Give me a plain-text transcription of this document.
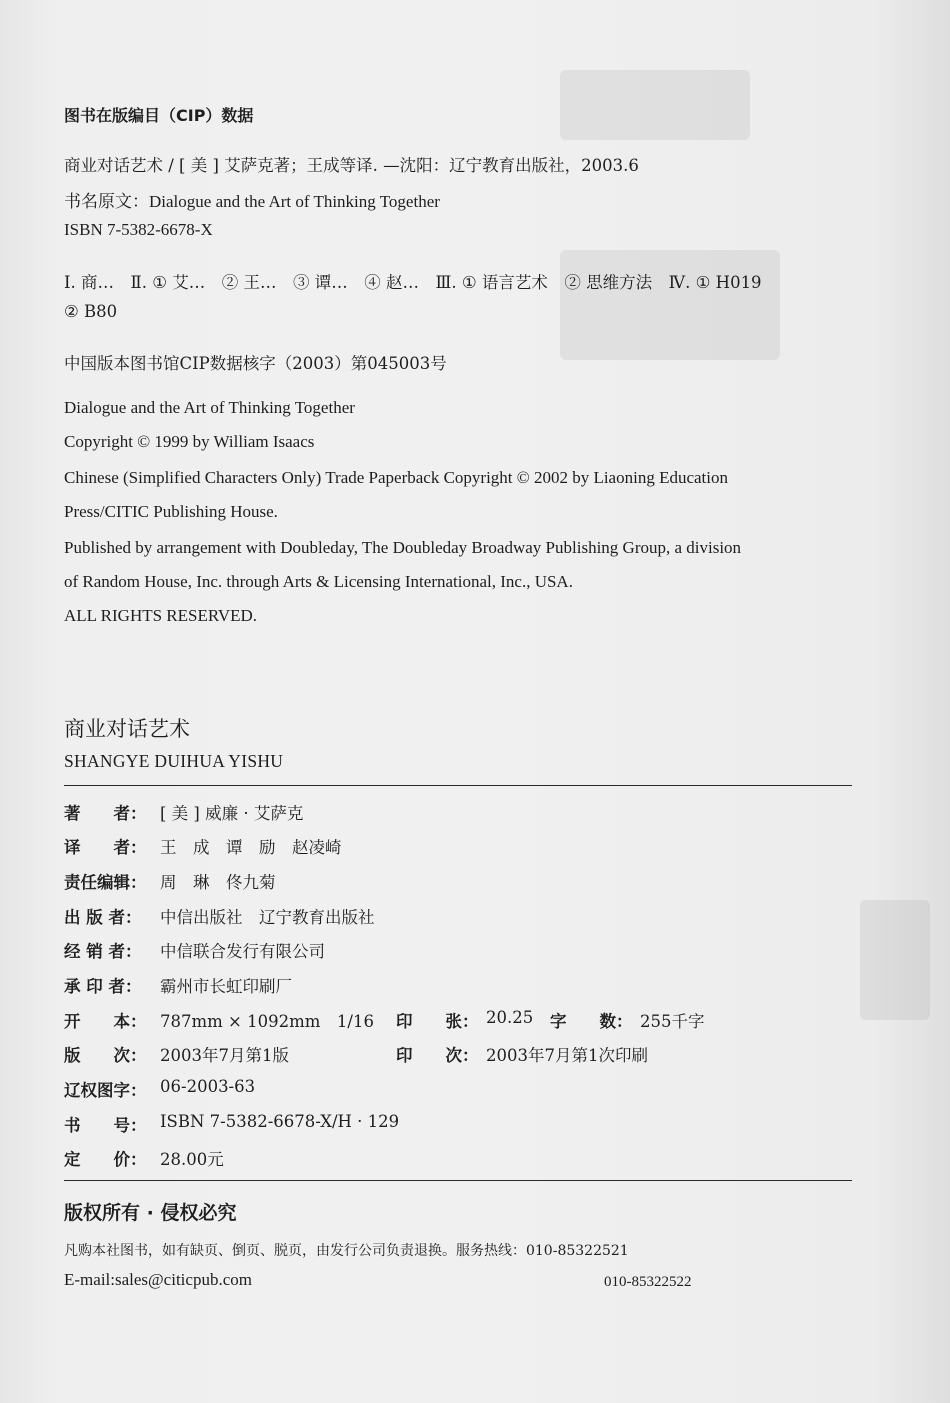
图书在版编目（CIP）数据
商业对话艺术 / [ 美 ] 艾萨克著；王成等译. —沈阳：辽宁教育出版社，2003.6
书名原文：Dialogue and the Art of Thinking Together
ISBN 7-5382-6678-X
Ⅰ. 商…　Ⅱ. ① 艾…　② 王…　③ 谭…　④ 赵…　Ⅲ. ① 语言艺术　② 思维方法　Ⅳ. ① H019
② B80
中国版本图书馆CIP数据核字（2003）第045003号
Dialogue and the Art of Thinking Together
Copyright © 1999 by William Isaacs
Chinese (Simplified Characters Only) Trade Paperback Copyright © 2002 by Liaoning Education
Press/CITIC Publishing House.
Published by arrangement with Doubleday, The Doubleday Broadway Publishing Group, a division
of Random House, Inc. through Arts & Licensing International, Inc., USA.
ALL RIGHTS RESERVED.
商业对话艺术
SHANGYE DUIHUA YISHU
著　　者： [ 美 ] 威廉 · 艾萨克
译　　者： 王　成　谭　励　赵凌崎
责任编辑： 周　琳　佟九菊
出 版 者： 中信出版社　辽宁教育出版社
经 销 者： 中信联合发行有限公司
承 印 者： 霸州市长虹印刷厂
开　　本： 787mm × 1092mm　1/16 印　　张： 20.25 字　　数： 255千字
版　　次： 2003年7月第1版	印　　次： 2003年7月第1次印刷
辽权图字： 06-2003-63
书　　号： ISBN 7-5382-6678-X/H · 129
定　　价： 28.00元
版权所有 · 侵权必究
凡购本社图书，如有缺页、倒页、脱页，由发行公司负责退换。服务热线：010-85322521
E-mail:sales@citicpub.com	010-85322522
